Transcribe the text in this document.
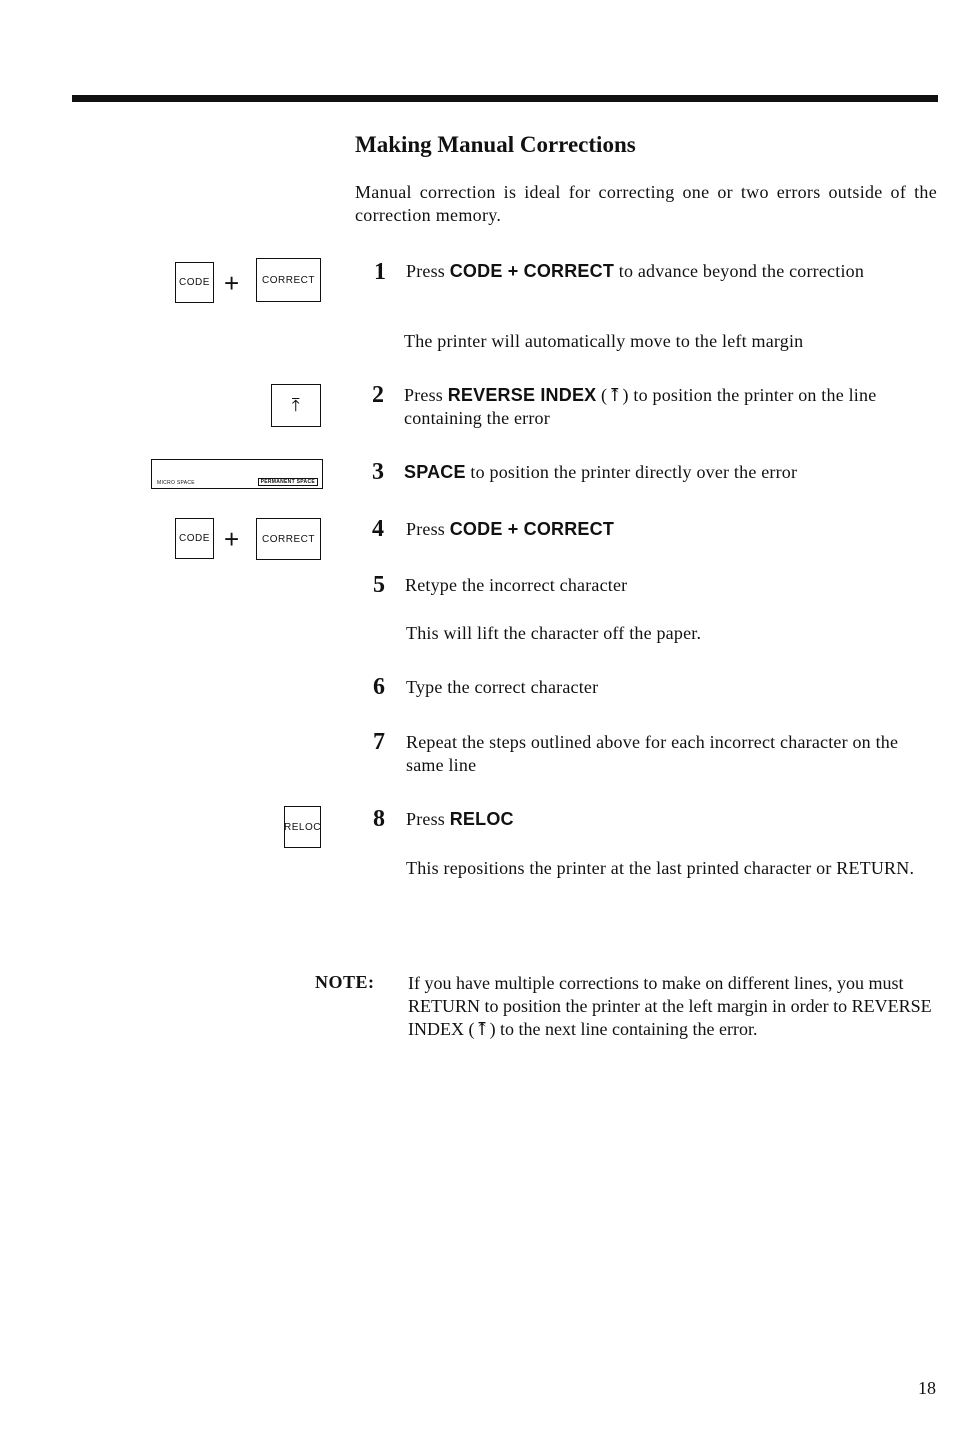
Making Manual Corrections
Manual correction is ideal for correcting one or two errors outside of the correction memory.
CODE +	CORRECT
⤒
MICRO SPACE	PERMANENT SPACE
CODE +	CORRECT
RELOC
1	Press CODE + CORRECT to advance beyond the correction
The printer will automatically move to the left margin
2	Press REVERSE INDEX (⤒) to position the printer on the line containing the error
3	SPACE to position the printer directly over the error
4	Press CODE + CORRECT
5	Retype the incorrect character
This will lift the character off the paper.
6	Type the correct character
7	Repeat the steps outlined above for each incorrect character on the same line
8	Press RELOC
This repositions the printer at the last printed character or RETURN.
NOTE: If you have multiple corrections to make on different lines, you must RETURN to position the printer at the left margin in order to REVERSE INDEX (⤒) to the next line containing the error.
18
